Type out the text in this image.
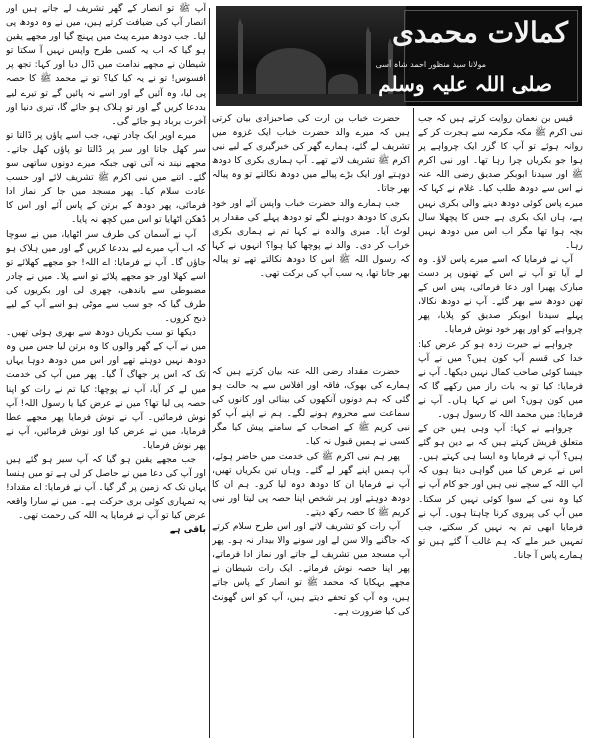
کمالات محمدی
مولانا سید منظور احمد شاہ آسی
صلی اللہ علیہ وسلم

قیس بن نعمان روایت کرتے ہیں کہ جب نبی اکرم ﷺ مکہ مکرمہ سے ہجرت کر کے روانہ ہوئے تو آپ کا گزر ایک چرواہے پر ہوا جو بکریاں چرا رہا تھا۔ اور نبی اکرم ﷺ اور سیدنا ابوبکر صدیق رضی اللہ عنہ نے اس سے دودھ طلب کیا۔ غلام نے کہا کہ میرے پاس کوئی دودھ دینے والی بکری نہیں ہے، ہاں ایک بکری ہے جس کا پچھلا سال بچہ ہوا تھا مگر اب اس میں دودھ نہیں رہا۔

آپ نے فرمایا کہ اسے میرے پاس لاؤ۔ وہ لے آیا تو آپ نے اس کے تھنوں پر دست مبارک پھیرا اور دعا فرمائی، پس اس کے تھن دودھ سے بھر گئے۔ آپ نے دودھ نکالا، پہلے سیدنا ابوبکر صدیق کو پلایا، پھر چرواہے کو اور پھر خود نوش فرمایا۔

چرواہے نے حیرت زدہ ہو کر عرض کیا: خدا کی قسم آپ کون ہیں؟ میں نے آپ جیسا کوئی صاحب کمال نہیں دیکھا۔ آپ نے فرمایا: کیا تو یہ بات راز میں رکھے گا کہ میں کون ہوں؟ اس نے کہا ہاں۔ آپ نے فرمایا: میں محمد اللہ کا رسول ہوں۔

چرواہے نے کہا: آپ وہی ہیں جن کے متعلق قریش کہتے ہیں کہ بے دین ہو گئے ہیں؟ آپ نے فرمایا وہ ایسا ہی کہتے ہیں۔ اس نے عرض کیا میں گواہی دیتا ہوں کہ آپ اللہ کے سچے نبی ہیں اور جو کام آپ نے کیا وہ نبی کے سوا کوئی نہیں کر سکتا۔ میں آپ کی پیروی کرنا چاہتا ہوں۔ آپ نے فرمایا ابھی تم یہ نہیں کر سکتے، جب تمہیں خبر ملے کہ ہم غالب آ گئے ہیں تو ہمارے پاس آ جانا۔

حضرت خباب بن ارت کی صاحبزادی بیان کرتی ہیں کہ میرے والد حضرت خباب ایک غزوہ میں تشریف لے گئے، ہمارے گھر کی خبرگیری کے لیے نبی اکرم ﷺ تشریف لاتے تھے۔ آپ ہماری بکری کا دودھ دوہتے اور ایک بڑے پیالے میں دودھ نکالتے تو وہ پیالہ بھر جاتا۔

جب ہمارے والد حضرت خباب واپس آئے اور خود بکری کا دودھ دوہنے لگے تو دودھ پہلے کی مقدار پر لوٹ آیا۔ میری والدہ نے کہا تم نے ہماری بکری خراب کر دی۔ والد نے پوچھا کیا ہوا؟ انہوں نے کہا کہ رسول اللہ ﷺ اس کا دودھ نکالتے تھے تو پیالہ بھر جاتا تھا، یہ سب آپ کی برکت تھی۔

حضرت مقداد رضی اللہ عنہ بیان کرتے ہیں کہ ہمارے کی بھوک، فاقہ اور افلاس سے یہ حالت ہو گئی کہ ہم دونوں آنکھوں کی بینائی اور کانوں کی سماعت سے محروم ہونے لگے۔ ہم نے اپنے آپ کو نبی کریم ﷺ کے اصحاب کے سامنے پیش کیا مگر کسی نے ہمیں قبول نہ کیا۔

پھر ہم نبی اکرم ﷺ کی خدمت میں حاضر ہوئے، آپ ہمیں اپنے گھر لے گئے۔ وہاں تین بکریاں تھیں، آپ نے فرمایا ان کا دودھ دوہ لیا کرو۔ ہم ان کا دودھ دوہتے اور ہر شخص اپنا حصہ پی لیتا اور نبی کریم ﷺ کا حصہ رکھ دیتے۔

آپ رات کو تشریف لاتے اور اس طرح سلام کرتے کہ جاگنے والا سن لے اور سونے والا بیدار نہ ہو۔ پھر آپ مسجد میں تشریف لے جاتے اور نماز ادا فرماتے، پھر اپنا حصہ نوش فرماتے۔ ایک رات شیطان نے مجھے بہکایا کہ محمد ﷺ تو انصار کے پاس جاتے ہیں، وہ آپ کو تحفے دیتے ہیں، آپ کو اس گھونٹ کی کیا ضرورت ہے۔

آپ ﷺ تو انصار کے گھر تشریف لے جاتے ہیں اور انصار آپ کی ضیافت کرتے ہیں، میں نے وہ دودھ پی لیا۔ جب دودھ میرے پیٹ میں پہنچ گیا اور مجھے یقین ہو گیا کہ اب یہ کسی طرح واپس نہیں آ سکتا تو شیطان نے مجھے ندامت میں ڈال دیا اور کہا: تجھ پر افسوس! تو نے یہ کیا کیا؟ تو نے محمد ﷺ کا حصہ پی لیا، وہ آئیں گے اور اسے نہ پائیں گے تو تیرے لیے بددعا کریں گے اور تو ہلاک ہو جائے گا، تیری دنیا اور آخرت برباد ہو جائے گی۔

میرے اوپر ایک چادر تھی، جب اسے پاؤں پر ڈالتا تو سر کھل جاتا اور سر پر ڈالتا تو پاؤں کھل جاتے۔ مجھے نیند نہ آتی تھی جبکہ میرے دونوں ساتھی سو گئے۔ اتنے میں نبی اکرم ﷺ تشریف لائے اور حسب عادت سلام کیا۔ پھر مسجد میں جا کر نماز ادا فرمائی، پھر دودھ کے برتن کے پاس آئے اور اس کا ڈھکن اٹھایا تو اس میں کچھ نہ پایا۔

آپ نے آسمان کی طرف سر اٹھایا، میں نے سوچا کہ اب آپ میرے لیے بددعا کریں گے اور میں ہلاک ہو جاؤں گا۔ آپ نے فرمایا: اے اللہ! جو مجھے کھلائے تو اسے کھلا اور جو مجھے پلائے تو اسے پلا۔ میں نے چادر مضبوطی سے باندھی، چھری لی اور بکریوں کی طرف گیا کہ جو سب سے موٹی ہو اسے آپ کے لیے ذبح کروں۔

دیکھا تو سب بکریاں دودھ سے بھری ہوئی تھیں۔ میں نے آپ کے گھر والوں کا وہ برتن لیا جس میں وہ دودھ نہیں دوہتے تھے اور اس میں دودھ دوہا یہاں تک کہ اس پر جھاگ آ گیا۔ پھر میں آپ کی خدمت میں لے کر آیا، آپ نے پوچھا: کیا تم نے رات کو اپنا حصہ پی لیا تھا؟ میں نے عرض کیا یا رسول اللہ! آپ نوش فرمائیں۔ آپ نے نوش فرمایا پھر مجھے عطا فرمایا، میں نے عرض کیا اور نوش فرمائیں، آپ نے پھر نوش فرمایا۔

جب مجھے یقین ہو گیا کہ آپ سیر ہو گئے ہیں اور آپ کی دعا میں نے حاصل کر لی ہے تو میں ہنسا یہاں تک کہ زمین پر گر گیا۔ آپ نے فرمایا: اے مقداد! یہ تمہاری کوئی بری حرکت ہے۔ میں نے سارا واقعہ عرض کیا تو آپ نے فرمایا یہ اللہ کی رحمت تھی۔

باقی ہے
